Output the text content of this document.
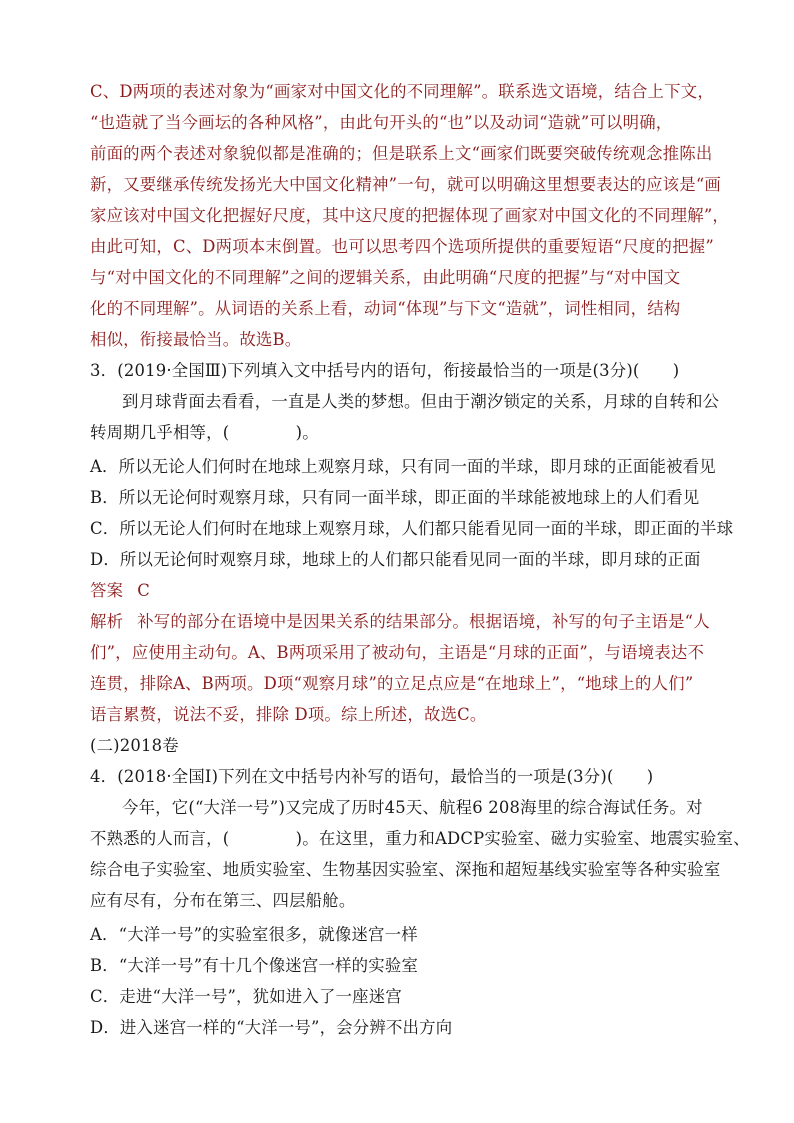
C、D两项的表述对象为“画家对中国文化的不同理解”。联系选文语境，结合上下文，
“也造就了当今画坛的各种风格”，由此句开头的“也”以及动词“造就”可以明确，
前面的两个表述对象貌似都是准确的；但是联系上文“画家们既要突破传统观念推陈出
新，又要继承传统发扬光大中国文化精神”一句，就可以明确这里想要表达的应该是“画
家应该对中国文化把握好尺度，其中这尺度的把握体现了画家对中国文化的不同理解”，
由此可知，C、D两项本末倒置。也可以思考四个选项所提供的重要短语“尺度的把握”
与“对中国文化的不同理解”之间的逻辑关系，由此明确“尺度的把握”与“对中国文
化的不同理解”。从词语的关系上看，动词“体现”与下文“造就”，词性相同，结构
相似，衔接最恰当。故选B。
3．(2019·全国Ⅲ)下列填入文中括号内的语句，衔接最恰当的一项是(3分)(　　)
到月球背面去看看，一直是人类的梦想。但由于潮汐锁定的关系，月球的自转和公
转周期几乎相等，(　　　　)。
A．所以无论人们何时在地球上观察月球，只有同一面的半球，即月球的正面能被看见
B．所以无论何时观察月球，只有同一面半球，即正面的半球能被地球上的人们看见
C．所以无论人们何时在地球上观察月球，人们都只能看见同一面的半球，即正面的半球
D．所以无论何时观察月球，地球上的人们都只能看见同一面的半球，即月球的正面
答案 C
解析 补写的部分在语境中是因果关系的结果部分。根据语境，补写的句子主语是“人
们”，应使用主动句。A、B两项采用了被动句，主语是“月球的正面”，与语境表达不
连贯，排除A、B两项。D项“观察月球”的立足点应是“在地球上”，“地球上的人们”
语言累赘，说法不妥，排除 D项。综上所述，故选C。
(二)2018卷
4．(2018·全国Ⅰ)下列在文中括号内补写的语句，最恰当的一项是(3分)(　　)
今年，它(“大洋一号”)又完成了历时45天、航程6 208海里的综合海试任务。对
不熟悉的人而言，(　　　　)。在这里，重力和ADCP实验室、磁力实验室、地震实验室、
综合电子实验室、地质实验室、生物基因实验室、深拖和超短基线实验室等各种实验室
应有尽有，分布在第三、四层船舱。
A．“大洋一号”的实验室很多，就像迷宫一样
B．“大洋一号”有十几个像迷宫一样的实验室
C．走进“大洋一号”，犹如进入了一座迷宫
D．进入迷宫一样的“大洋一号”，会分辨不出方向
